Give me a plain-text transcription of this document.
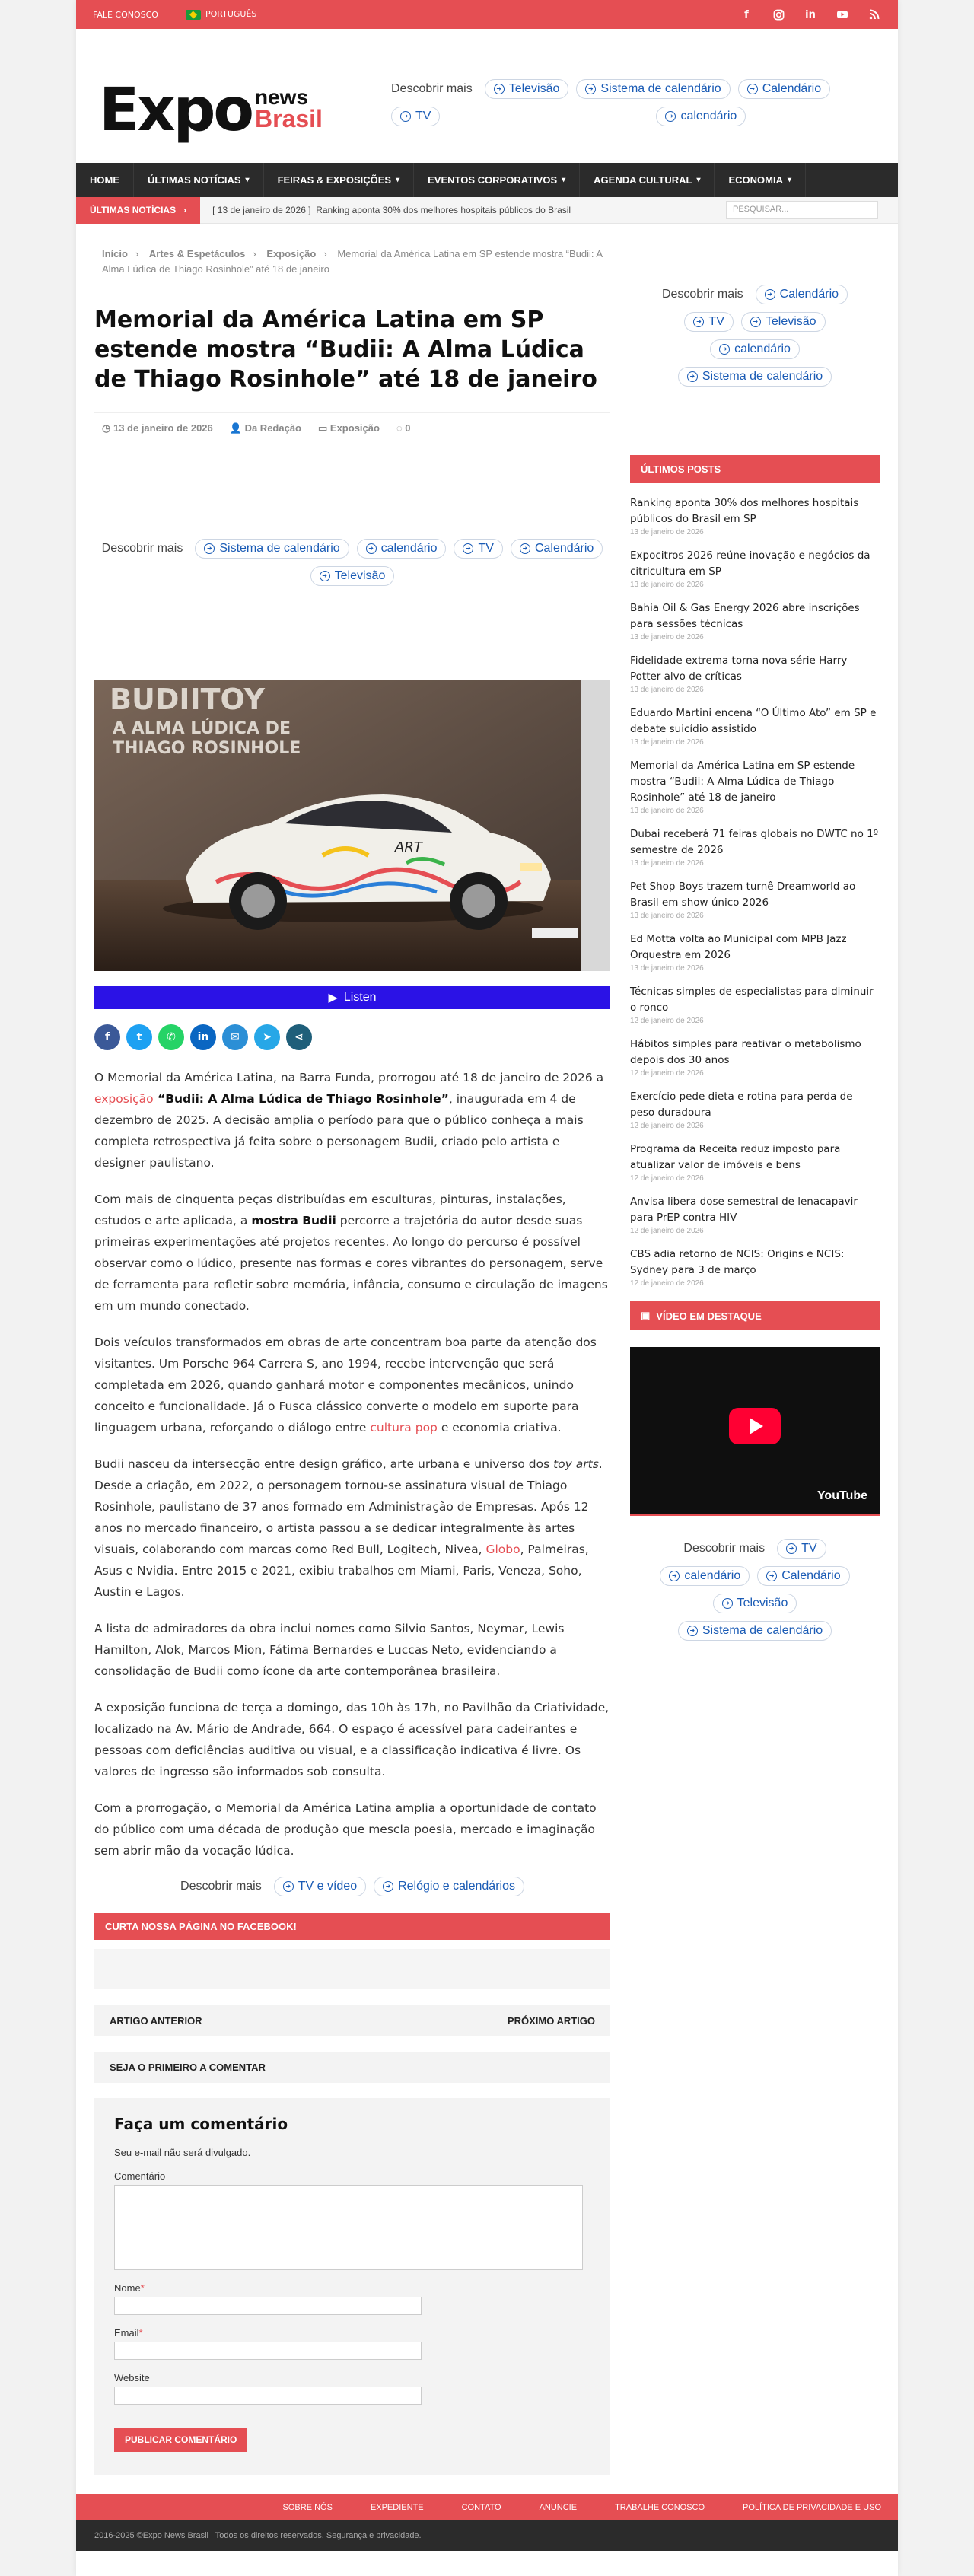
FALE CONOSCO	PORTUGUÊS	f	in
Expo news
Brasil
Descobrir mais	➜ Televisão	➜ Sistema de calendário	➜ Calendário
➜ TV	➜ calendário
HOME	ÚLTIMAS NOTÍCIAS ▾	FEIRAS & EXPOSIÇÕES ▾	EVENTOS CORPORATIVOS ▾	AGENDA CULTURAL ▾	ECONOMIA ▾
ÚLTIMAS NOTÍCIAS ›	[ 13 de janeiro de 2026 ] Ranking aponta 30% dos melhores hospitais públicos do Brasil	PESQUISAR...
Início › Artes & Espetáculos › Exposição › Memorial da América Latina em SP estende mostra “Budii: A Alma Lúdica de Thiago Rosinhole” até 18 de janeiro
Memorial da América Latina em SP estende mostra “Budii: A Alma Lúdica de Thiago Rosinhole” até 18 de janeiro
◷ 13 de janeiro de 2026 👤 Da Redação ▭ Exposição ◌ 0
Descobrir mais	➜ Sistema de calendário	➜ calendário	➜ TV	➜ Calendário
➜ Televisão
BUDIITOY
A ALMA LÚDICA DE
THIAGO ROSINHOLE
ART
▶ Listen
f	t	✆	in	✉	➤	⋖

O Memorial da América Latina, na Barra Funda, prorrogou até 18 de janeiro de 2026 a exposição “Budii: A Alma Lúdica de Thiago Rosinhole”, inaugurada em 4 de dezembro de 2025. A decisão amplia o período para que o público conheça a mais completa retrospectiva já feita sobre o personagem Budii, criado pelo artista e designer paulistano.

Com mais de cinquenta peças distribuídas em esculturas, pinturas, instalações, estudos e arte aplicada, a mostra Budii percorre a trajetória do autor desde suas primeiras experimentações até projetos recentes. Ao longo do percurso é possível observar como o lúdico, presente nas formas e cores vibrantes do personagem, serve de ferramenta para refletir sobre memória, infância, consumo e circulação de imagens em um mundo conectado.

Dois veículos transformados em obras de arte concentram boa parte da atenção dos visitantes. Um Porsche 964 Carrera S, ano 1994, recebe intervenção que será completada em 2026, quando ganhará motor e componentes mecânicos, unindo conceito e funcionalidade. Já o Fusca clássico converte o modelo em suporte para linguagem urbana, reforçando o diálogo entre cultura pop e economia criativa.

Budii nasceu da intersecção entre design gráfico, arte urbana e universo dos toy arts. Desde a criação, em 2022, o personagem tornou-se assinatura visual de Thiago Rosinhole, paulistano de 37 anos formado em Administração de Empresas. Após 12 anos no mercado financeiro, o artista passou a se dedicar integralmente às artes visuais, colaborando com marcas como Red Bull, Logitech, Nivea, Globo, Palmeiras, Asus e Nvidia. Entre 2015 e 2021, exibiu trabalhos em Miami, Paris, Veneza, Soho, Austin e Lagos.

A lista de admiradores da obra inclui nomes como Silvio Santos, Neymar, Lewis Hamilton, Alok, Marcos Mion, Fátima Bernardes e Luccas Neto, evidenciando a consolidação de Budii como ícone da arte contemporânea brasileira.

A exposição funciona de terça a domingo, das 10h às 17h, no Pavilhão da Criatividade, localizado na Av. Mário de Andrade, 664. O espaço é acessível para cadeirantes e pessoas com deficiências auditiva ou visual, e a classificação indicativa é livre. Os valores de ingresso são informados sob consulta.

Com a prorrogação, o Memorial da América Latina amplia a oportunidade de contato do público com uma década de produção que mescla poesia, mercado e imaginação sem abrir mão da vocação lúdica.

Descobrir mais	➜ TV e vídeo	➜ Relógio e calendários
CURTA NOSSA PÁGINA NO FACEBOOK!
ARTIGO ANTERIOR	PRÓXIMO ARTIGO
SEJA O PRIMEIRO A COMENTAR
Faça um comentário
Seu e-mail não será divulgado.
Comentário
Nome*
Email*
Website
PUBLICAR COMENTÁRIO
Descobrir mais	➜ Calendário
➜ TV	➜ Televisão
➜ calendário
➜ Sistema de calendário
ÚLTIMOS POSTS
Ranking aponta 30% dos melhores hospitais públicos do Brasil em SP
13 de janeiro de 2026
Expocitros 2026 reúne inovação e negócios da citricultura em SP
13 de janeiro de 2026
Bahia Oil & Gas Energy 2026 abre inscrições para sessões técnicas
13 de janeiro de 2026
Fidelidade extrema torna nova série Harry Potter alvo de críticas
13 de janeiro de 2026
Eduardo Martini encena “O Último Ato” em SP e debate suicídio assistido
13 de janeiro de 2026
Memorial da América Latina em SP estende mostra “Budii: A Alma Lúdica de Thiago Rosinhole” até 18 de janeiro
13 de janeiro de 2026
Dubai receberá 71 feiras globais no DWTC no 1º semestre de 2026
13 de janeiro de 2026
Pet Shop Boys trazem turnê Dreamworld ao Brasil em show único 2026
13 de janeiro de 2026
Ed Motta volta ao Municipal com MPB Jazz Orquestra em 2026
13 de janeiro de 2026
Técnicas simples de especialistas para diminuir o ronco
12 de janeiro de 2026
Hábitos simples para reativar o metabolismo depois dos 30 anos
12 de janeiro de 2026
Exercício pede dieta e rotina para perda de peso duradoura
12 de janeiro de 2026
Programa da Receita reduz imposto para atualizar valor de imóveis e bens
12 de janeiro de 2026
Anvisa libera dose semestral de lenacapavir para PrEP contra HIV
12 de janeiro de 2026
CBS adia retorno de NCIS: Origins e NCIS: Sydney para 3 de março
12 de janeiro de 2026
▣ VÍDEO EM DESTAQUE
YouTube
Descobrir mais	➜ TV
➜ calendário	➜ Calendário
➜ Televisão
➜ Sistema de calendário
SOBRE NÓS	EXPEDIENTE	CONTATO	ANUNCIE	TRABALHE CONOSCO	POLÍTICA DE PRIVACIDADE E USO
2016-2025 ©Expo News Brasil | Todos os direitos reservados. Segurança e privacidade.
